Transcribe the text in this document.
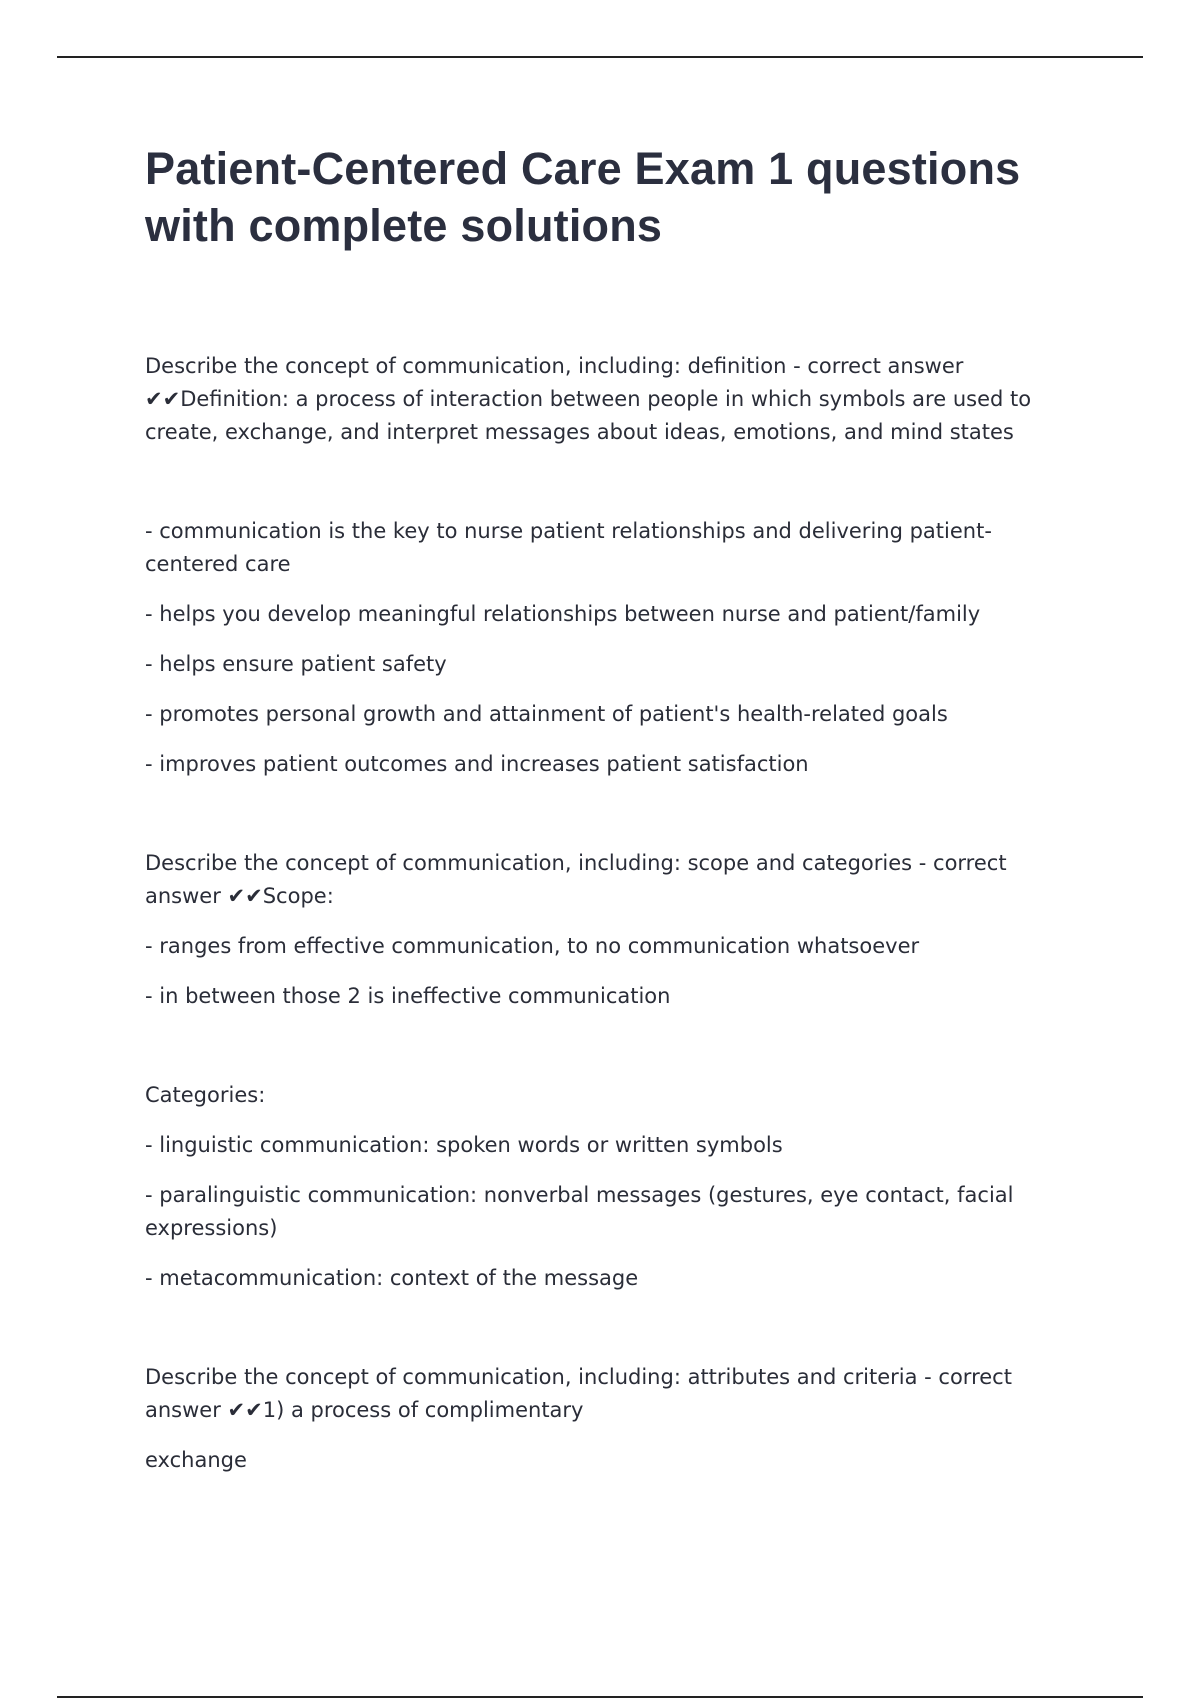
Patient-Centered Care Exam 1 questions
with complete solutions

Describe the concept of communication, including: definition - correct answer ✔✔Definition: a process of interaction between people in which symbols are used to create, exchange, and interpret messages about ideas, emotions, and mind states

- communication is the key to nurse patient relationships and delivering patient-centered care

- helps you develop meaningful relationships between nurse and patient/family

- helps ensure patient safety

- promotes personal growth and attainment of patient's health-related goals

- improves patient outcomes and increases patient satisfaction

Describe the concept of communication, including: scope and categories - correct answer ✔✔Scope:

- ranges from effective communication, to no communication whatsoever

- in between those 2 is ineffective communication

Categories:

- linguistic communication: spoken words or written symbols

- paralinguistic communication: nonverbal messages (gestures, eye contact, facial expressions)

- metacommunication: context of the message

Describe the concept of communication, including: attributes and criteria - correct answer ✔✔1) a process of complimentary

exchange
